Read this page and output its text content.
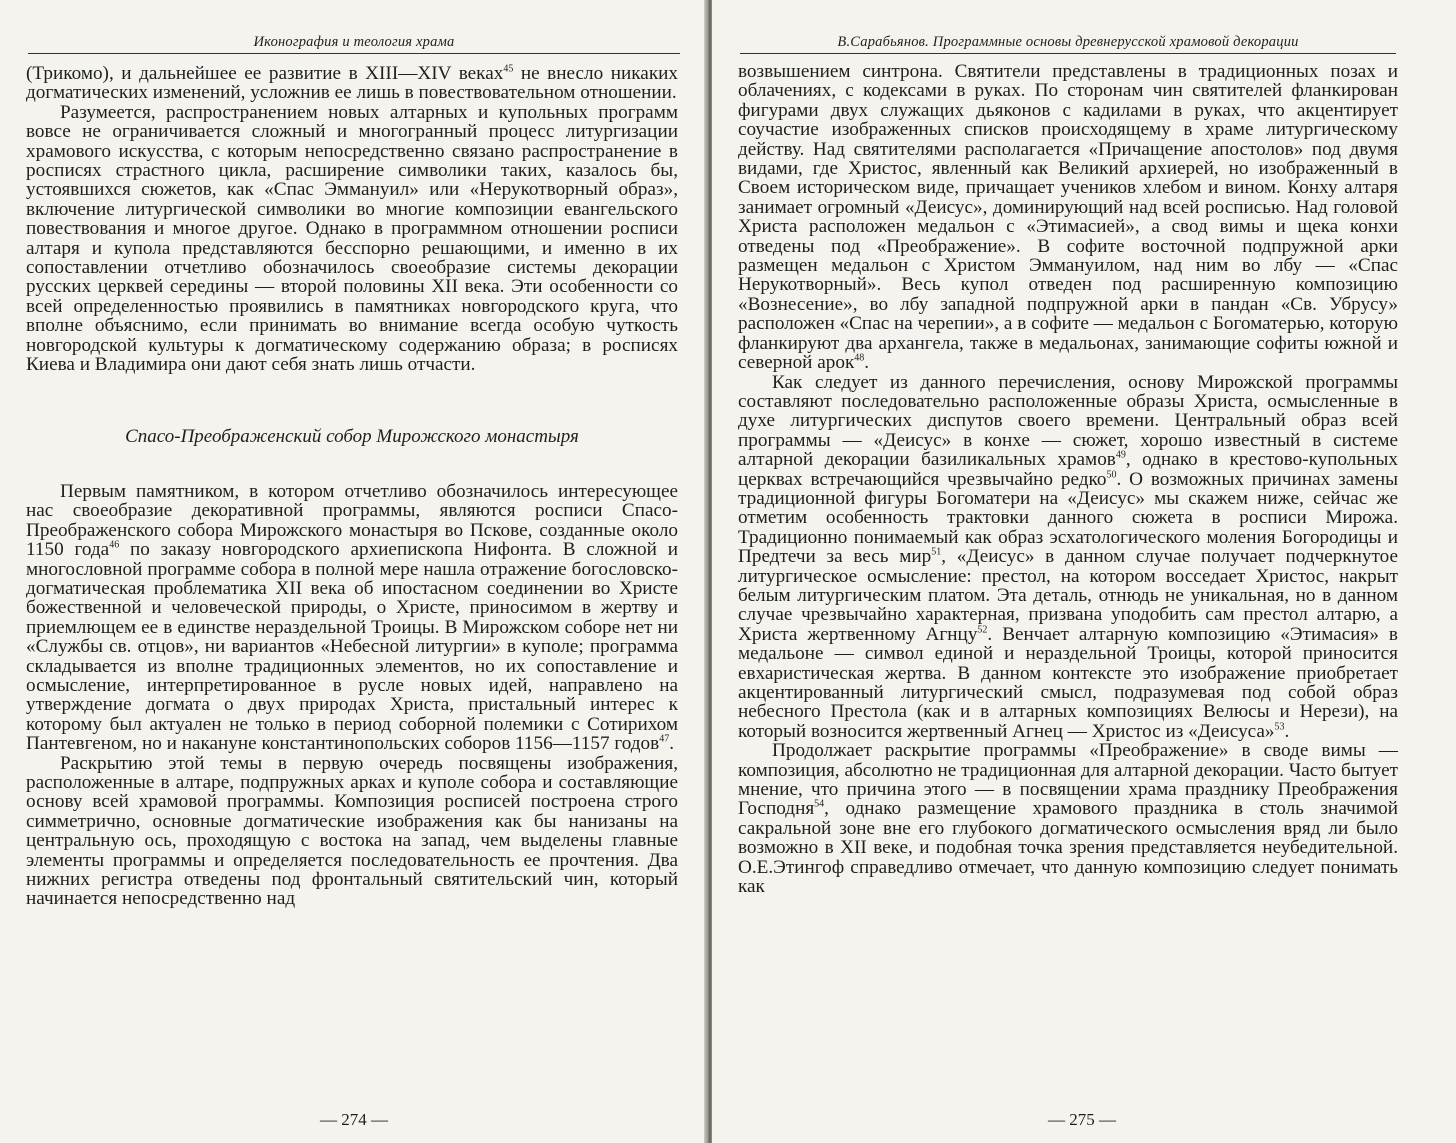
Иконография и теология храма

(Трикомо), и дальнейшее ее развитие в XIII—XIV веках$^{45}$ не внесло никаких догматических изменений, усложнив ее лишь в повествовательном отношении.

Разумеется, распространением новых алтарных и купольных программ вовсе не ограничивается сложный и многогранный процесс литургизации храмового искусства, с которым непосредственно связано распространение в росписях страстного цикла, расширение символики таких, казалось бы, устоявшихся сюжетов, как «Спас Эммануил» или «Нерукотворный образ», включение литургической символики во многие композиции евангельского повествования и многое другое. Однако в программном отношении росписи алтаря и купола представляются бесспорно решающими, и именно в их сопоставлении отчетливо обозначилось своеобразие системы декорации русских церквей середины — второй половины XII века. Эти особенности со всей определенностью проявились в памятниках новгородского круга, что вполне объяснимо, если принимать во внимание всегда особую чуткость новгородской культуры к догматическому содержанию образа; в росписях Киева и Владимира они дают себя знать лишь отчасти.

Спасо-Преображенский собор Мирожского монастыря

Первым памятником, в котором отчетливо обозначилось интересующее нас своеобразие декоративной программы, являются росписи Спасо-Преображенского собора Мирожского монастыря во Пскове, созданные около 1150 года$^{46}$ по заказу новгородского архиепископа Нифонта. В сложной и многословной программе собора в полной мере нашла отражение богословско-догматическая проблематика XII века об ипостасном соединении во Христе божественной и человеческой природы, о Христе, приносимом в жертву и приемлющем ее в единстве нераздельной Троицы. В Мирожском соборе нет ни «Службы св. отцов», ни вариантов «Небесной литургии» в куполе; программа складывается из вполне традиционных элементов, но их сопоставление и осмысление, интерпретированное в русле новых идей, направлено на утверждение догмата о двух природах Христа, пристальный интерес к которому был актуален не только в период соборной полемики с Сотирихом Пантевгеном, но и накануне константинопольских соборов 1156—1157 годов$^{47}$.

Раскрытию этой темы в первую очередь посвящены изображения, расположенные в алтаре, подпружных арках и куполе собора и составляющие основу всей храмовой программы. Композиция росписей построена строго симметрично, основные догматические изображения как бы нанизаны на центральную ось, проходящую с востока на запад, чем выделены главные элементы программы и определяется последовательность ее прочтения. Два нижних регистра отведены под фронтальный святительский чин, который начинается непосредственно над

— 274 —
В.Сарабьянов. Программные основы древнерусской храмовой декорации

возвышением синтрона. Святители представлены в традиционных позах и облачениях, с кодексами в руках. По сторонам чин святителей фланкирован фигурами двух служащих дьяконов с кадилами в руках, что акцентирует соучастие изображенных списков происходящему в храме литургическому действу. Над святителями располагается «Причащение апостолов» под двумя видами, где Христос, явленный как Великий архиерей, но изображенный в Своем историческом виде, причащает учеников хлебом и вином. Конху алтаря занимает огромный «Деисус», доминирующий над всей росписью. Над головой Христа расположен медальон с «Этимасией», а свод вимы и щека конхи отведены под «Преображение». В софите восточной подпружной арки размещен медальон с Христом Эммануилом, над ним во лбу — «Спас Нерукотворный». Весь купол отведен под расширенную композицию «Вознесение», во лбу западной подпружной арки в пандан «Св. Убрусу» расположен «Спас на черепии», а в софите — медальон с Богоматерью, которую фланкируют два архангела, также в медальонах, занимающие софиты южной и северной арок$^{48}$.

Как следует из данного перечисления, основу Мирожской программы составляют последовательно расположенные образы Христа, осмысленные в духе литургических диспутов своего времени. Центральный образ всей программы — «Деисус» в конхе — сюжет, хорошо известный в системе алтарной декорации базиликальных храмов$^{49}$, однако в крестово-купольных церквах встречающийся чрезвычайно редко$^{50}$. О возможных причинах замены традиционной фигуры Богоматери на «Деисус» мы скажем ниже, сейчас же отметим особенность трактовки данного сюжета в росписи Мирожа. Традиционно понимаемый как образ эсхатологического моления Богородицы и Предтечи за весь мир$^{51}$, «Деисус» в данном случае получает подчеркнутое литургическое осмысление: престол, на котором восседает Христос, накрыт белым литургическим платом. Эта деталь, отнюдь не уникальная, но в данном случае чрезвычайно характерная, призвана уподобить сам престол алтарю, а Христа жертвенному Агнцу$^{52}$. Венчает алтарную композицию «Этимасия» в медальоне — символ единой и нераздельной Троицы, которой приносится евхаристическая жертва. В данном контексте это изображение приобретает акцентированный литургический смысл, подразумевая под собой образ небесного Престола (как и в алтарных композициях Велюсы и Нерези), на который возносится жертвенный Агнец — Христос из «Деисуса»$^{53}$.

Продолжает раскрытие программы «Преображение» в своде вимы — композиция, абсолютно не традиционная для алтарной декорации. Часто бытует мнение, что причина этого — в посвящении храма празднику Преображения Господня$^{54}$, однако размещение храмового праздника в столь значимой сакральной зоне вне его глубокого догматического осмысления вряд ли было возможно в XII веке, и подобная точка зрения представляется неубедительной. О.Е.Этингоф справедливо отмечает, что данную композицию следует понимать как

— 275 —
